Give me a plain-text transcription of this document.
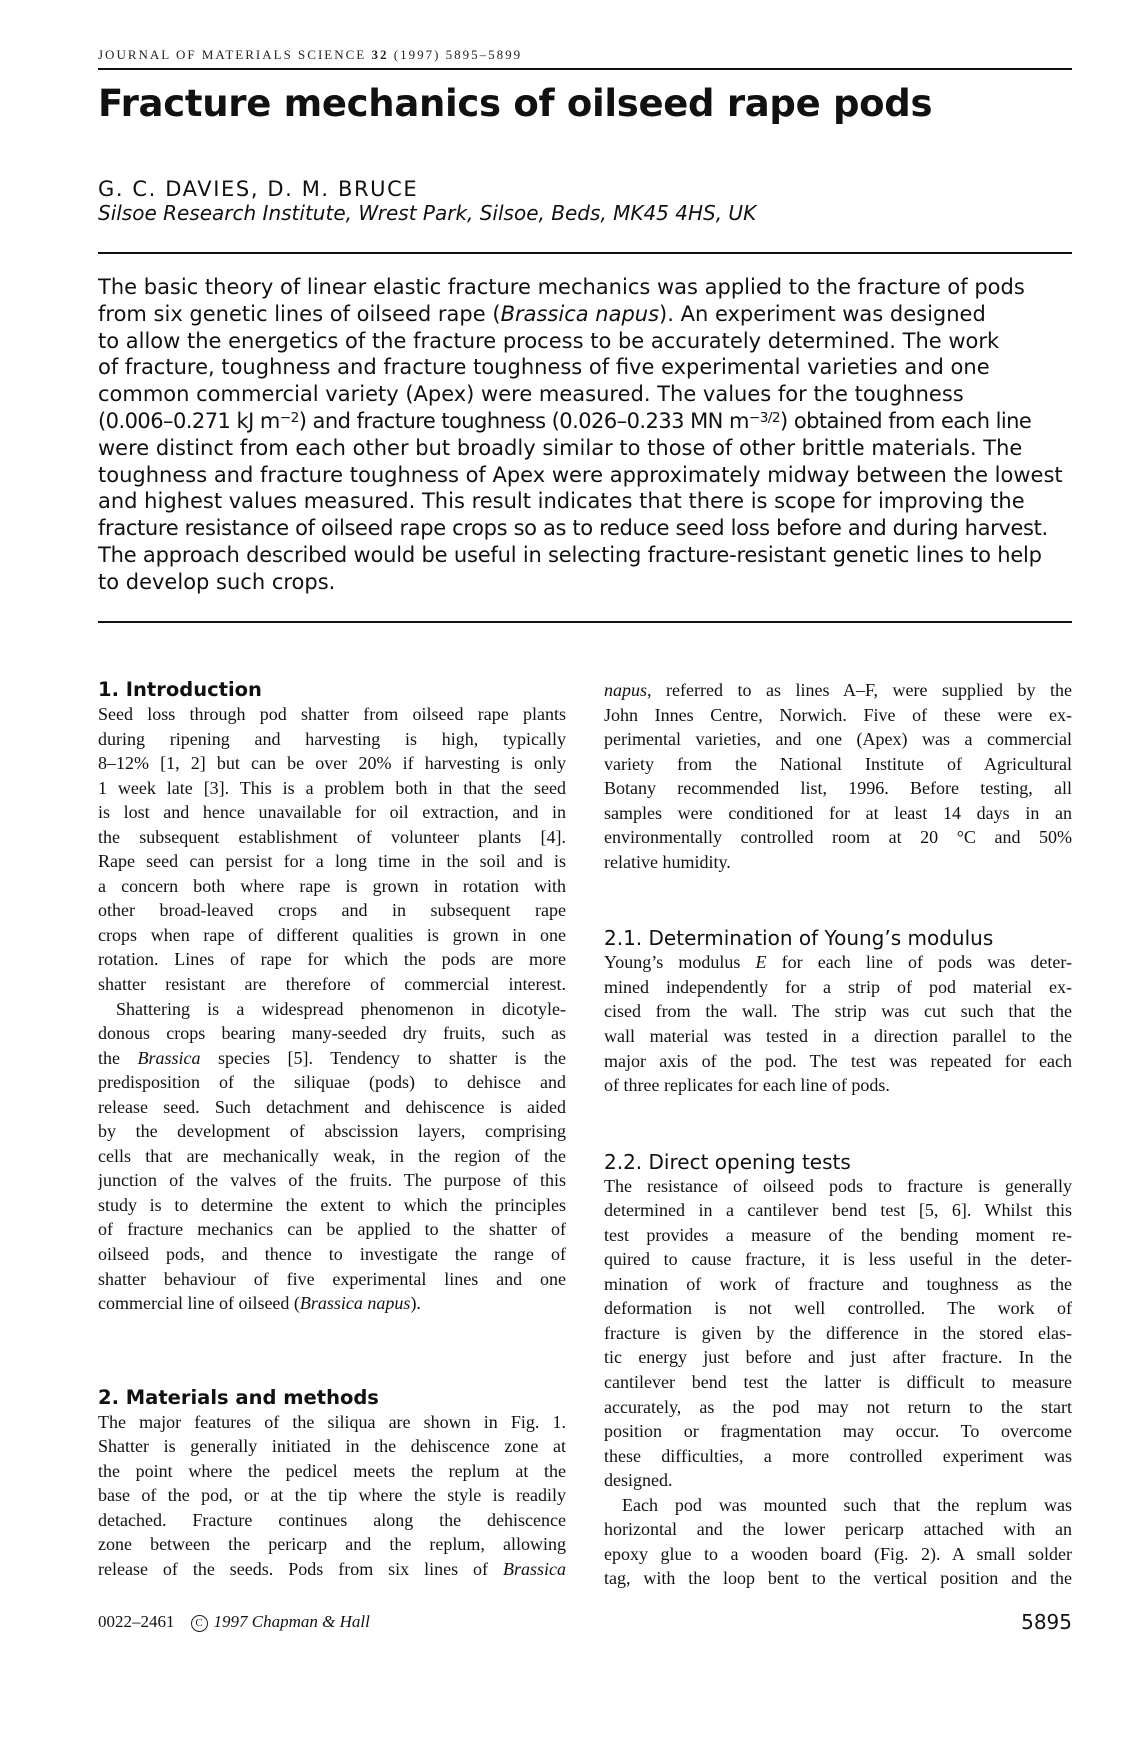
JOURNAL OF MATERIALS SCIENCE 32 (1997) 5895–5899
Fracture mechanics of oilseed rape pods
G. C. DAVIES, D. M. BRUCE
Silsoe Research Institute, Wrest Park, Silsoe, Beds, MK45 4HS, UK
The basic theory of linear elastic fracture mechanics was applied to the fracture of pods
from six genetic lines of oilseed rape (Brassica napus). An experiment was designed
to allow the energetics of the fracture process to be accurately determined. The work
of fracture, toughness and fracture toughness of five experimental varieties and one
common commercial variety (Apex) were measured. The values for the toughness
(0.006–0.271 kJ $m^{-2}$) and fracture toughness (0.026–0.233 MN $m^{-3/2}$) obtained from each line
were distinct from each other but broadly similar to those of other brittle materials. The
toughness and fracture toughness of Apex were approximately midway between the lowest
and highest values measured. This result indicates that there is scope for improving the
fracture resistance of oilseed rape crops so as to reduce seed loss before and during harvest.
The approach described would be useful in selecting fracture-resistant genetic lines to help
to develop such crops.
1. Introduction
Seed loss through pod shatter from oilseed rape plants
during ripening and harvesting is high, typically
8–12% [1, 2] but can be over 20% if harvesting is only
1 week late [3]. This is a problem both in that the seed
is lost and hence unavailable for oil extraction, and in
the subsequent establishment of volunteer plants [4].
Rape seed can persist for a long time in the soil and is
a concern both where rape is grown in rotation with
other broad-leaved crops and in subsequent rape
crops when rape of different qualities is grown in one
rotation. Lines of rape for which the pods are more
shatter resistant are therefore of commercial interest.
Shattering is a widespread phenomenon in dicotyle-
donous crops bearing many-seeded dry fruits, such as
the Brassica species [5]. Tendency to shatter is the
predisposition of the siliquae (pods) to dehisce and
release seed. Such detachment and dehiscence is aided
by the development of abscission layers, comprising
cells that are mechanically weak, in the region of the
junction of the valves of the fruits. The purpose of this
study is to determine the extent to which the principles
of fracture mechanics can be applied to the shatter of
oilseed pods, and thence to investigate the range of
shatter behaviour of five experimental lines and one
commercial line of oilseed (Brassica napus).
2. Materials and methods
The major features of the siliqua are shown in Fig. 1.
Shatter is generally initiated in the dehiscence zone at
the point where the pedicel meets the replum at the
base of the pod, or at the tip where the style is readily
detached. Fracture continues along the dehiscence
zone between the pericarp and the replum, allowing
release of the seeds. Pods from six lines of Brassica
napus, referred to as lines A–F, were supplied by the
John Innes Centre, Norwich. Five of these were ex-
perimental varieties, and one (Apex) was a commercial
variety from the National Institute of Agricultural
Botany recommended list, 1996. Before testing, all
samples were conditioned for at least 14 days in an
environmentally controlled room at 20 °C and 50%
relative humidity.
2.1. Determination of Young’s modulus
Young’s modulus E for each line of pods was deter-
mined independently for a strip of pod material ex-
cised from the wall. The strip was cut such that the
wall material was tested in a direction parallel to the
major axis of the pod. The test was repeated for each
of three replicates for each line of pods.
2.2. Direct opening tests
The resistance of oilseed pods to fracture is generally
determined in a cantilever bend test [5, 6]. Whilst this
test provides a measure of the bending moment re-
quired to cause fracture, it is less useful in the deter-
mination of work of fracture and toughness as the
deformation is not well controlled. The work of
fracture is given by the difference in the stored elas-
tic energy just before and just after fracture. In the
cantilever bend test the latter is difficult to measure
accurately, as the pod may not return to the start
position or fragmentation may occur. To overcome
these difficulties, a more controlled experiment was
designed.
Each pod was mounted such that the replum was
horizontal and the lower pericarp attached with an
epoxy glue to a wooden board (Fig. 2). A small solder
tag, with the loop bent to the vertical position and the
0022–2461 C 1997 Chapman & Hall	5895
